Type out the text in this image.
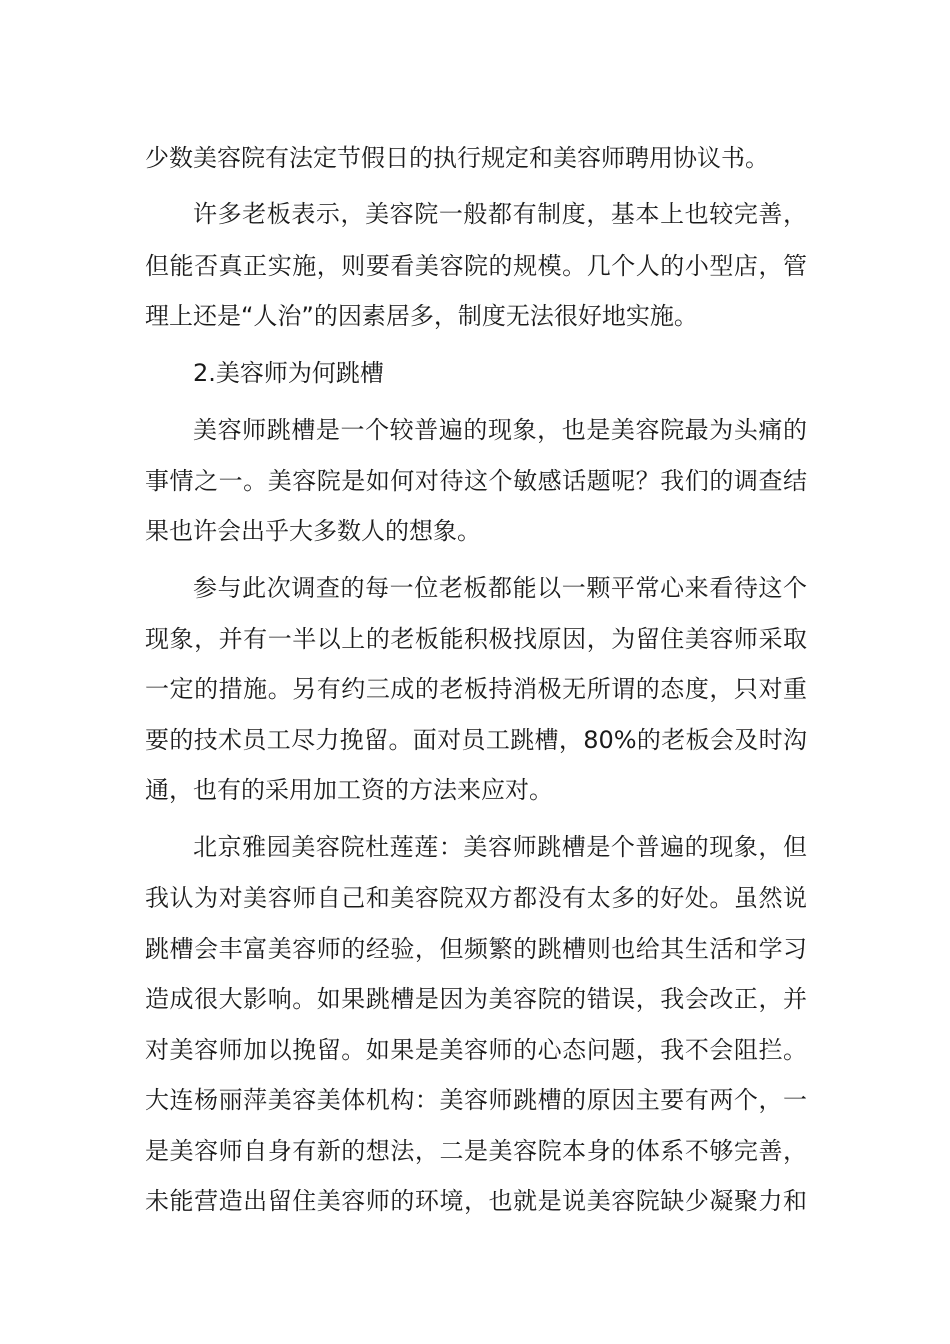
少数美容院有法定节假日的执行规定和美容师聘用协议书。
许多老板表示，美容院一般都有制度，基本上也较完善，
但能否真正实施，则要看美容院的规模。几个人的小型店，管
理上还是“人治”的因素居多，制度无法很好地实施。
2.美容师为何跳槽
美容师跳槽是一个较普遍的现象，也是美容院最为头痛的
事情之一。美容院是如何对待这个敏感话题呢？我们的调查结
果也许会出乎大多数人的想象。
参与此次调查的每一位老板都能以一颗平常心来看待这个
现象，并有一半以上的老板能积极找原因，为留住美容师采取
一定的措施。另有约三成的老板持消极无所谓的态度，只对重
要的技术员工尽力挽留。面对员工跳槽，80%的老板会及时沟
通，也有的采用加工资的方法来应对。
北京雅园美容院杜莲莲：美容师跳槽是个普遍的现象，但
我认为对美容师自己和美容院双方都没有太多的好处。虽然说
跳槽会丰富美容师的经验，但频繁的跳槽则也给其生活和学习
造成很大影响。如果跳槽是因为美容院的错误，我会改正，并
对美容师加以挽留。如果是美容师的心态问题，我不会阻拦。
大连杨丽萍美容美体机构：美容师跳槽的原因主要有两个，一
是美容师自身有新的想法，二是美容院本身的体系不够完善，
未能营造出留住美容师的环境，也就是说美容院缺少凝聚力和
